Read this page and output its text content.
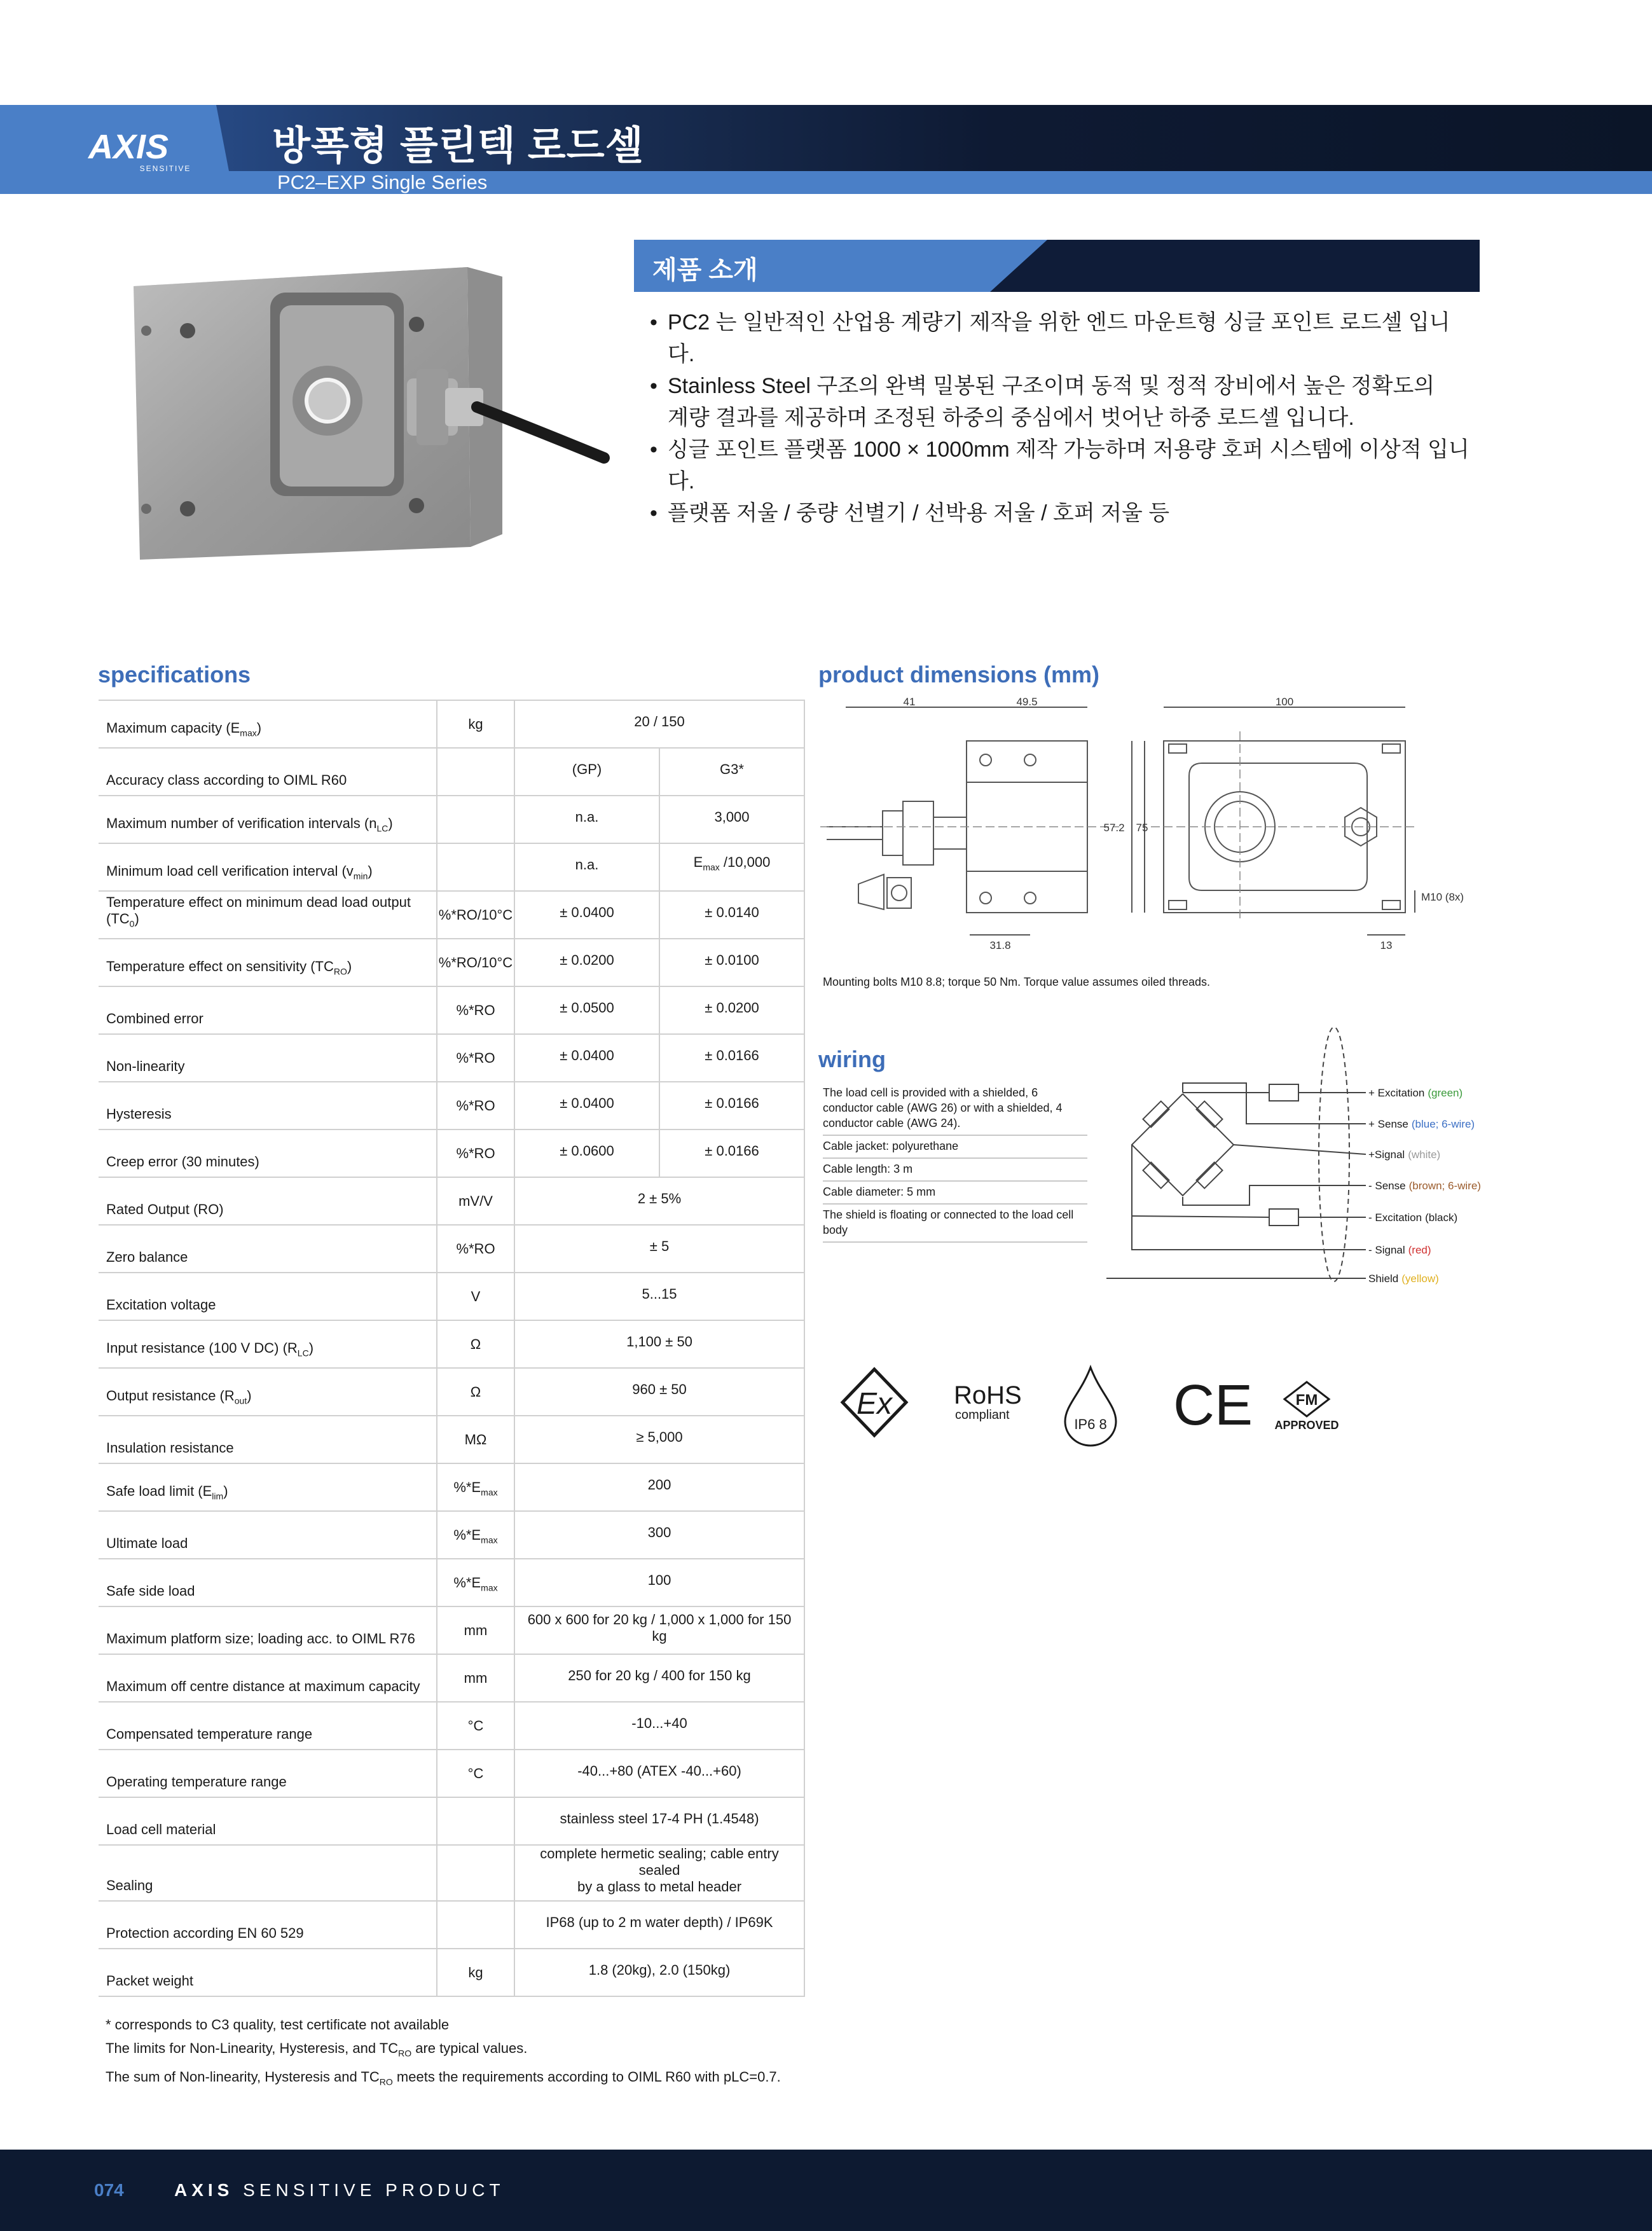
AXIS
SENSITIVE
방폭형 플린텍 로드셀
PC2–EXP Single Series
제품 소개
• PC2 는 일반적인 산업용 계량기 제작을 위한 엔드 마운트형 싱글 포인트 로드셀 입니다.
• Stainless Steel 구조의 완벽 밀봉된 구조이며 동적 및 정적 장비에서 높은 정확도의
계량 결과를 제공하며 조정된 하중의 중심에서 벗어난 하중 로드셀 입니다.
• 싱글 포인트 플랫폼 1000 × 1000mm 제작 가능하며 저용량 호퍼 시스템에 이상적 입니다.
• 플랫폼 저울 / 중량 선별기 / 선박용 저울 / 호퍼 저울 등
specifications
Maximum capacity $(E_{max})$	kg	20 / 150	
Accuracy class according to OIML R60		(GP)	G3*
Maximum number of verification intervals $(n_{LC})$		n.a.	3,000
Minimum load cell verification interval $(v_{min})$		n.a.	$E_{max}$ /10,000
Temperature effect on minimum dead load output $(TC_0)$	%*RO/10°C	± 0.0400	± 0.0140
Temperature effect on sensitivity $(TC_{RO})$	%*RO/10°C	± 0.0200	± 0.0100
Combined error	%*RO	± 0.0500	± 0.0200
Non-linearity	%*RO	± 0.0400	± 0.0166
Hysteresis	%*RO	± 0.0400	± 0.0166
Creep error (30 minutes)	%*RO	± 0.0600	± 0.0166
Rated Output (RO)	mV/V	2 ± 5%	
Zero balance	%*RO	± 5	
Excitation voltage	V	5...15	
Input resistance (100 V DC) $(R_{LC})$	Ω	1,100 ± 50	
Output resistance $(R_{out})$	Ω	960 ± 50	
Insulation resistance	MΩ	≥ 5,000	
Safe load limit $(E_{lim})$	$\%*E_{max}$	200	
Ultimate load	$\%*E_{max}$	300	
Safe side load	$\%*E_{max}$	100	
Maximum platform size; loading acc. to OIML R76	mm	600 x 600 for 20 kg / 1,000 x 1,000 for 150 kg	
Maximum off centre distance at maximum capacity	mm	250 for 20 kg / 400 for 150 kg	
Compensated temperature range	°C	-10...+40	
Operating temperature range	°C	-40...+80 (ATEX -40...+60)	
Load cell material		stainless steel 17-4 PH (1.4548)	
Sealing		complete hermetic sealing; cable entry sealed
by a glass to metal header	
Protection according EN 60 529		IP68 (up to 2 m water depth) / IP69K	
Packet weight	kg	1.8 (20kg), 2.0 (150kg)	
* corresponds to C3 quality, test certificate not available
The limits for Non-Linearity, Hysteresis, and $TC_{RO}$ are typical values.
The sum of Non-linearity, Hysteresis and $TC_{RO}$ meets the requirements according to OIML R60 with pLC=0.7.
product dimensions (mm)
41	49.5	100
57.2 75
31.8	13
M10 (8x)
Mounting bolts M10 8.8; torque 50 Nm. Torque value assumes oiled threads.
wiring
The load cell is provided with a shielded, 6 conductor cable (AWG 26) or with a shielded, 4 conductor cable (AWG 24).
Cable jacket: polyurethane
Cable length: 3 m
Cable diameter: 5 mm
The shield is floating or connected to the load cell body
+ Excitation (green)
+ Sense (blue; 6-wire)
+Signal (white)
- Sense (brown; 6-wire)
- Excitation (black)
- Signal (red)
Shield (yellow)
Ex RoHS
compliant
IP6 8 CE	FM
APPROVED
074	AXIS SENSITIVE PRODUCT
